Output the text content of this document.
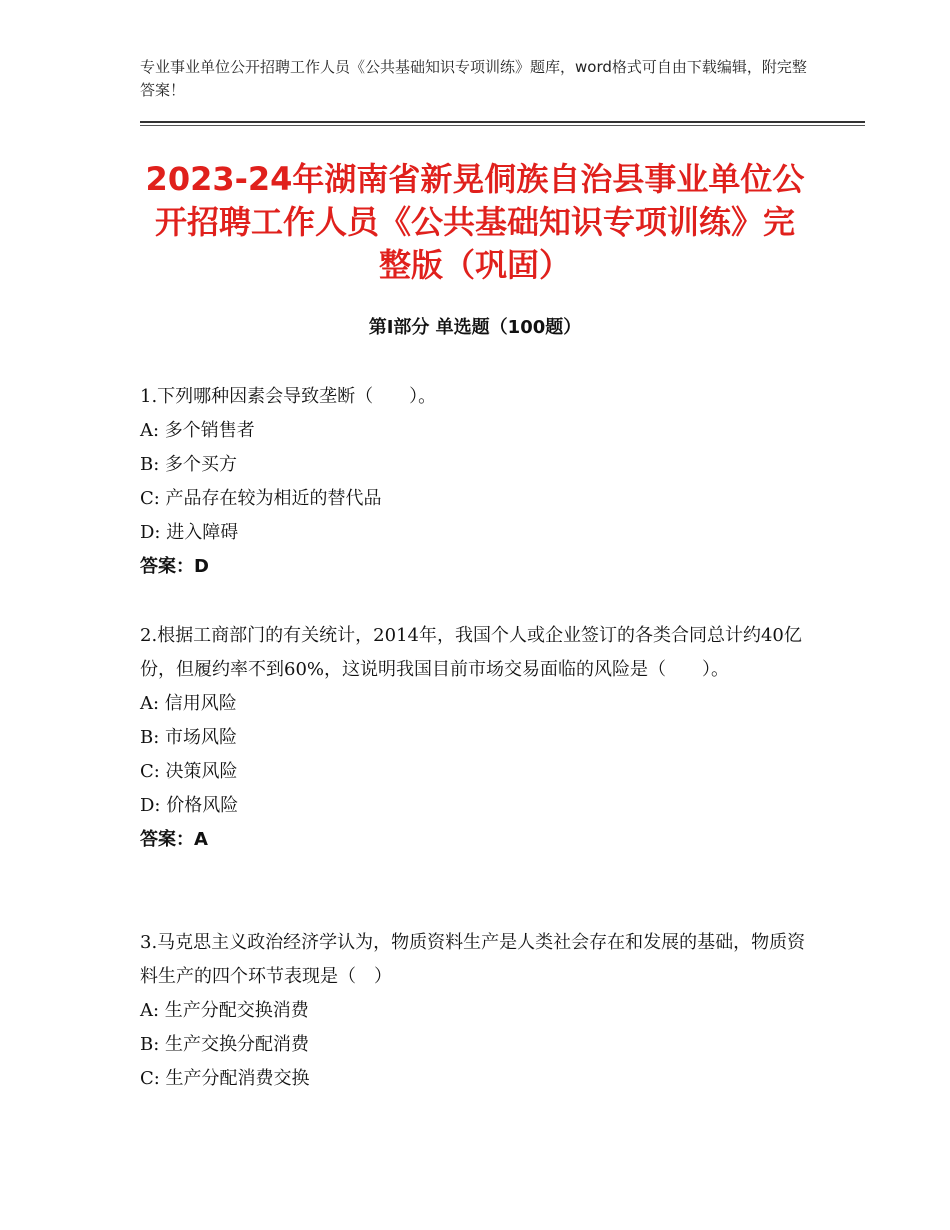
专业事业单位公开招聘工作人员《公共基础知识专项训练》题库，word格式可自由下载编辑，附完整答案！
2023-24年湖南省新晃侗族自治县事业单位公开招聘工作人员《公共基础知识专项训练》完整版（巩固）
第Ⅰ部分 单选题（100题）

1.下列哪种因素会导致垄断（　　）。

A: 多个销售者

B: 多个买方

C: 产品存在较为相近的替代品

D: 进入障碍

答案：D

2.根据工商部门的有关统计，2014年，我国个人或企业签订的各类合同总计约40亿份，但履约率不到60%，这说明我国目前市场交易面临的风险是（　　）。

A: 信用风险

B: 市场风险

C: 决策风险

D: 价格风险

答案：A

3.马克思主义政治经济学认为，物质资料生产是人类社会存在和发展的基础，物质资料生产的四个环节表现是（　）

A: 生产分配交换消费

B: 生产交换分配消费

C: 生产分配消费交换
